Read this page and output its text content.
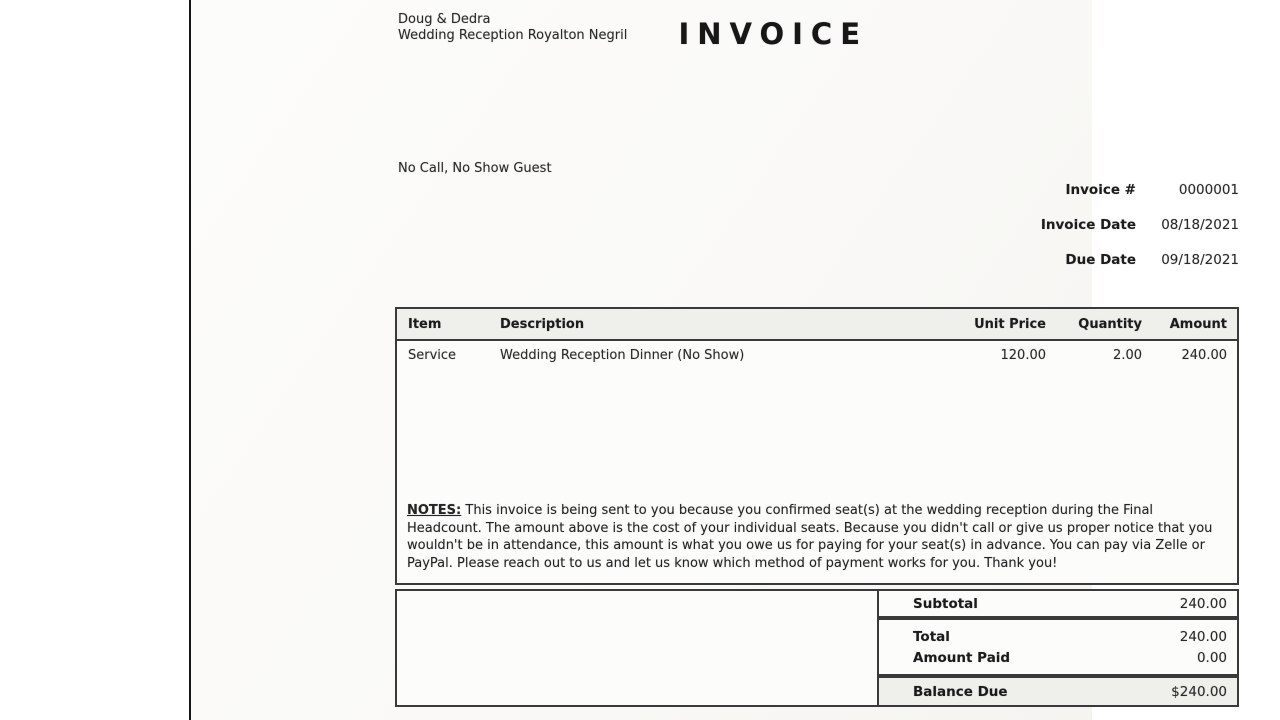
Doug & Dedra
Wedding Reception Royalton Negril INVOICE
No Call, No Show Guest
Invoice #	0000001
Invoice Date	08/18/2021
Due Date	09/18/2021
Item	Description	Unit Price	Quantity	Amount
Service	Wedding Reception Dinner (No Show)	120.00	2.00	240.00

NOTES: This invoice is being sent to you because you confirmed seat(s) at the wedding reception during the Final Headcount. The amount above is the cost of your individual seats. Because you didn't call or give us proper notice that you wouldn't be in attendance, this amount is what you owe us for paying for your seat(s) in advance. You can pay via Zelle or PayPal. Please reach out to us and let us know which method of payment works for you. Thank you!

Subtotal	240.00
Total	240.00
Amount Paid	0.00
Balance Due	$240.00
